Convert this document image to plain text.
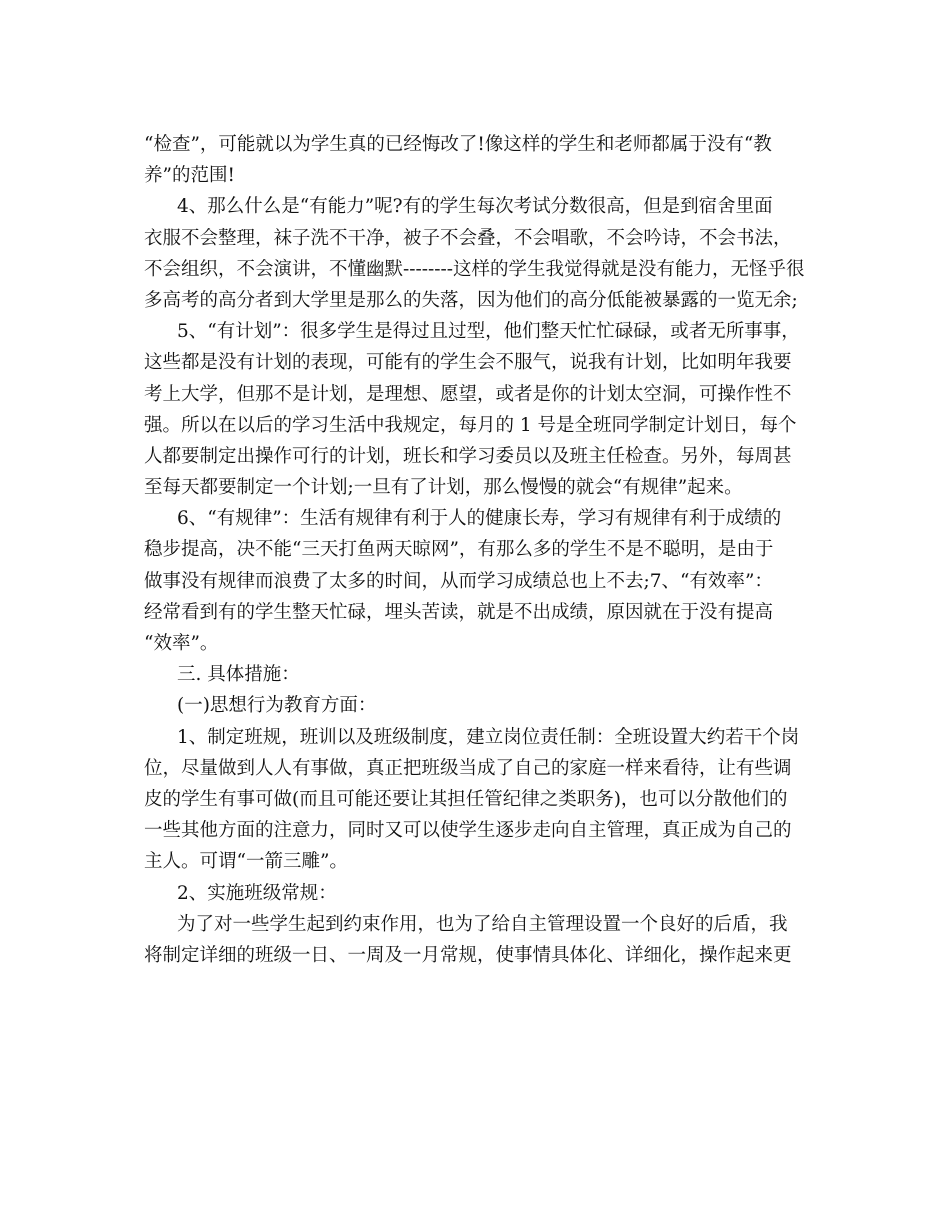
“检查”，可能就以为学生真的已经悔改了!像这样的学生和老师都属于没有“教
养”的范围!
4、那么什么是“有能力”呢?有的学生每次考试分数很高，但是到宿舍里面
衣服不会整理，袜子洗不干净，被子不会叠，不会唱歌，不会吟诗，不会书法，
不会组织，不会演讲，不懂幽默--------这样的学生我觉得就是没有能力，无怪乎很
多高考的高分者到大学里是那么的失落，因为他们的高分低能被暴露的一览无余;
5、“有计划”：很多学生是得过且过型，他们整天忙忙碌碌，或者无所事事，
这些都是没有计划的表现，可能有的学生会不服气，说我有计划，比如明年我要
考上大学，但那不是计划，是理想、愿望，或者是你的计划太空洞，可操作性不
强。所以在以后的学习生活中我规定，每月的 1 号是全班同学制定计划日，每个
人都要制定出操作可行的计划，班长和学习委员以及班主任检查。另外，每周甚
至每天都要制定一个计划;一旦有了计划，那么慢慢的就会“有规律”起来。
6、“有规律”：生活有规律有利于人的健康长寿，学习有规律有利于成绩的
稳步提高，决不能“三天打鱼两天晾网”，有那么多的学生不是不聪明，是由于
做事没有规律而浪费了太多的时间，从而学习成绩总也上不去;7、“有效率”：
经常看到有的学生整天忙碌，埋头苦读，就是不出成绩，原因就在于没有提高
“效率”。
三. 具体措施：
(一)思想行为教育方面：
1、制定班规，班训以及班级制度，建立岗位责任制：全班设置大约若干个岗
位，尽量做到人人有事做，真正把班级当成了自己的家庭一样来看待，让有些调
皮的学生有事可做(而且可能还要让其担任管纪律之类职务)，也可以分散他们的
一些其他方面的注意力，同时又可以使学生逐步走向自主管理，真正成为自己的
主人。可谓“一箭三雕”。
2、实施班级常规：
为了对一些学生起到约束作用，也为了给自主管理设置一个良好的后盾，我
将制定详细的班级一日、一周及一月常规，使事情具体化、详细化，操作起来更
